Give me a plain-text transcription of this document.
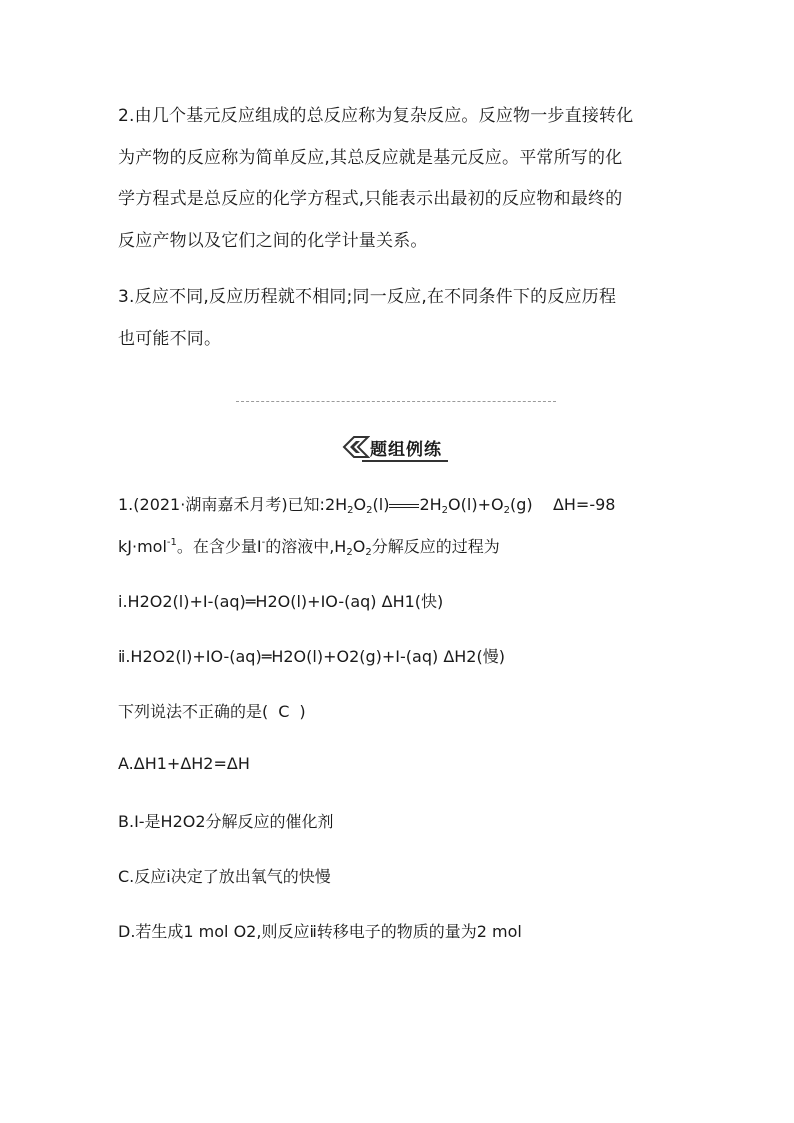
2.由几个基元反应组成的总反应称为复杂反应。反应物一步直接转化
为产物的反应称为简单反应,其总反应就是基元反应。平常所写的化
学方程式是总反应的化学方程式,只能表示出最初的反应物和最终的
反应产物以及它们之间的化学计量关系。
3.反应不同,反应历程就不相同;同一反应,在不同条件下的反应历程
也可能不同。
题组例练

1.(2021·湖南嘉禾月考)已知$:2H_2O_2(l)$ $2H_2O(l)+O_2(g)$ ΔH=-98

kJ·mol$^{-1}$。在含少量I-的溶液中$,H_2O_2$分解反应的过程为

ⅰ.H2O2(l)+I-(aq)═H2O(l)+IO-(aq) ΔH1(快)

ⅱ.H2O2(l)+IO-(aq)═H2O(l)+O2(g)+I-(aq) ΔH2(慢)

下列说法不正确的是( C )

A.ΔH1+ΔH2=ΔH

B.I-是H2O2分解反应的催化剂

C.反应ⅰ决定了放出氧气的快慢

D.若生成1 mol O2,则反应ⅱ转移电子的物质的量为2 mol
